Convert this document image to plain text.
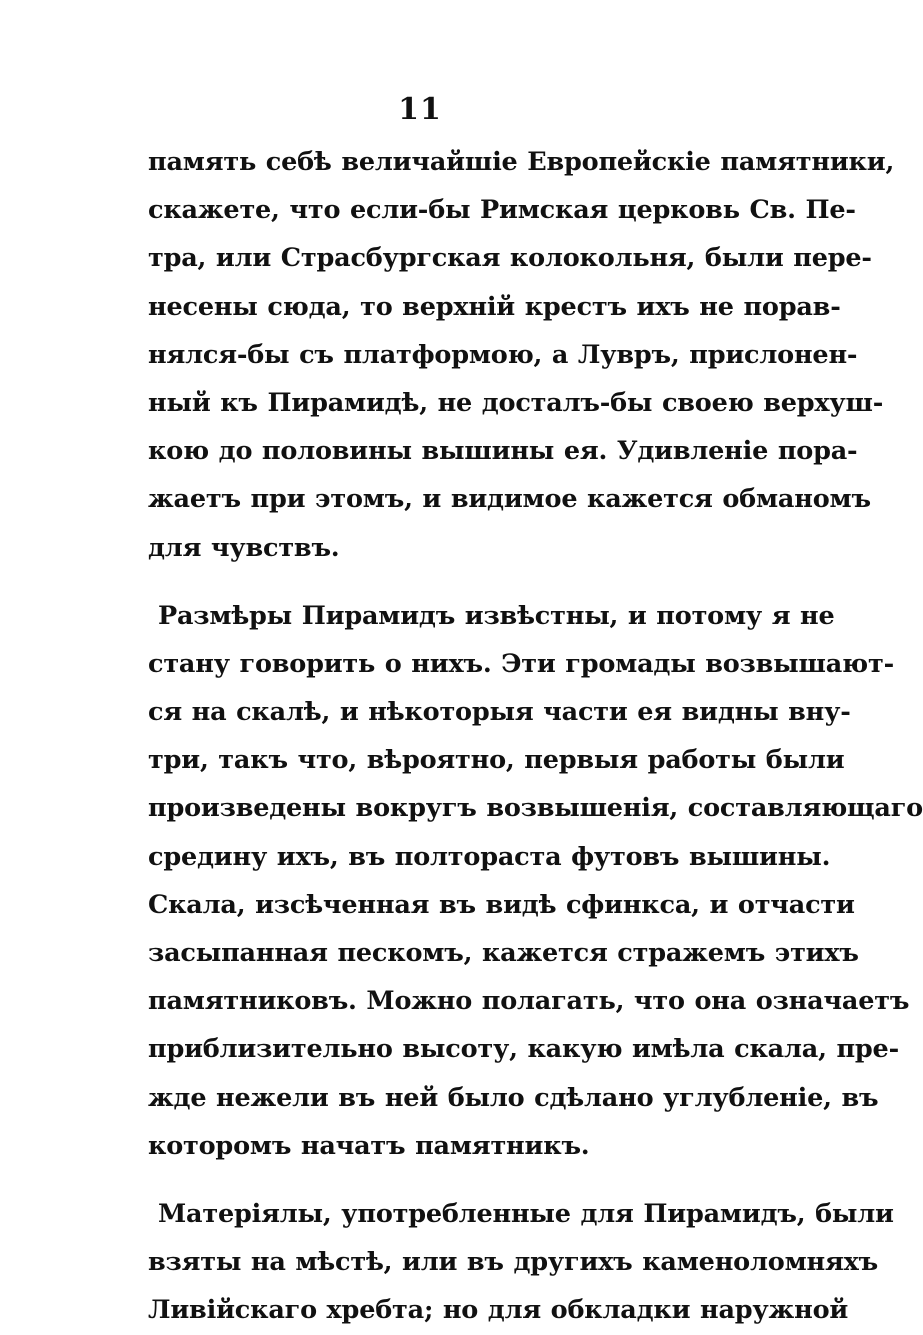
11
память себѣ величайшіе Европейскіе памятники,
скажете, что если-бы Римская церковь Св. Пе-
тра, или Страсбургская колокольня, были пере-
несены сюда, то верхній крестъ ихъ не порав-
нялся-бы съ платформою, а Лувръ, прислонен-
ный къ Пирамидѣ, не досталъ-бы своею верхуш-
кою до половины вышины ея. Удивленіе пора-
жаетъ при этомъ, и видимое кажется обманомъ
для чувствъ.
Размѣры Пирамидъ извѣстны, и потому я не
стану говорить о нихъ. Эти громады возвышают-
ся на скалѣ, и нѣкоторыя части ея видны вну-
три, такъ что, вѣроятно, первыя работы были
произведены вокругъ возвышенія, составляющаго
средину ихъ, въ полтораста футовъ вышины.
Скала, изсѣченная въ видѣ сфинкса, и отчасти
засыпанная пескомъ, кажется стражемъ этихъ
памятниковъ. Можно полагать, что она означаетъ
приблизительно высоту, какую имѣла скала, пре-
жде нежели въ ней было сдѣлано углубленіе, въ
которомъ начатъ памятникъ.
Матеріялы, употребленные для Пирамидъ, были
взяты на мѣстѣ, или въ другихъ каменоломняхъ
Ливійскаго хребта; но для обкладки наружной
